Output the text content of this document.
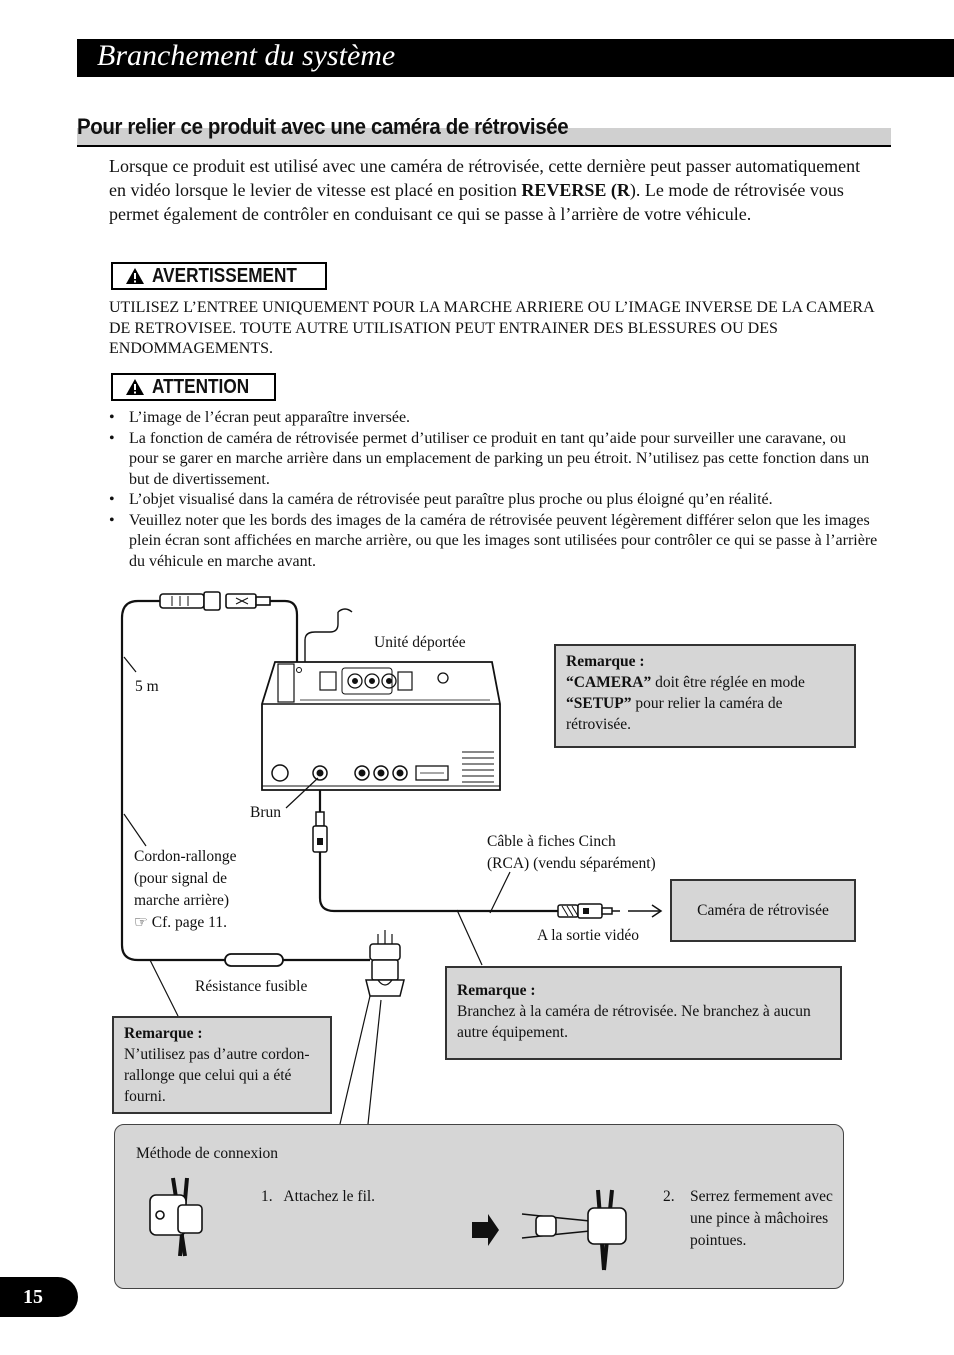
Branchement du système
Pour relier ce produit avec une caméra de rétrovisée
Lorsque ce produit est utilisé avec une caméra de rétrovisée, cette dernière peut passer automatiquement en vidéo lorsque le levier de vitesse est placé en position REVERSE (R). Le mode de rétrovisée vous permet également de contrôler en conduisant ce qui se passe à l’arrière de votre véhicule.
AVERTISSEMENT
UTILISEZ L’ENTREE UNIQUEMENT POUR LA MARCHE ARRIERE OU L’IMAGE INVERSE DE LA CAMERA DE RETROVISEE. TOUTE AUTRE UTILISATION PEUT ENTRAINER DES BLESSURES OU DES ENDOMMAGEMENTS.
ATTENTION
• L’image de l’écran peut apparaître inversée.
• La fonction de caméra de rétrovisée permet d’utiliser ce produit en tant qu’aide pour surveiller une caravane, ou pour se garer en marche arrière dans un emplacement de parking un peu étroit. N’utilisez pas cette fonction dans un but de divertissement.
• L’objet visualisé dans la caméra de rétrovisée peut paraître plus proche ou plus éloigné qu’en réalité.
• Veuillez noter que les bords des images de la caméra de rétrovisée peuvent légèrement différer selon que les images plein écran sont affichées en marche arrière, ou que les images sont utilisées pour contrôler ce qui se passe à l’arrière du véhicule en marche avant.
Unité déportée
5 m
Brun
Cordon-rallonge
(pour signal de
marche arrière)
☞ Cf. page 11.
Résistance fusible
Câble à fiches Cinch
(RCA) (vendu séparément)
A la sortie vidéo
Caméra de rétrovisée
Remarque :
“CAMERA” doit être réglée en mode “SETUP” pour relier la caméra de rétrovisée.
Remarque :
Branchez à la caméra de rétrovisée. Ne branchez à aucun autre équipement.
Remarque :
N’utilisez pas d’autre cordon-rallonge que celui qui a été fourni.
Méthode de connexion
1.   Attachez le fil.	2. Serrez fermement avec une pince à mâchoires pointues.
15
